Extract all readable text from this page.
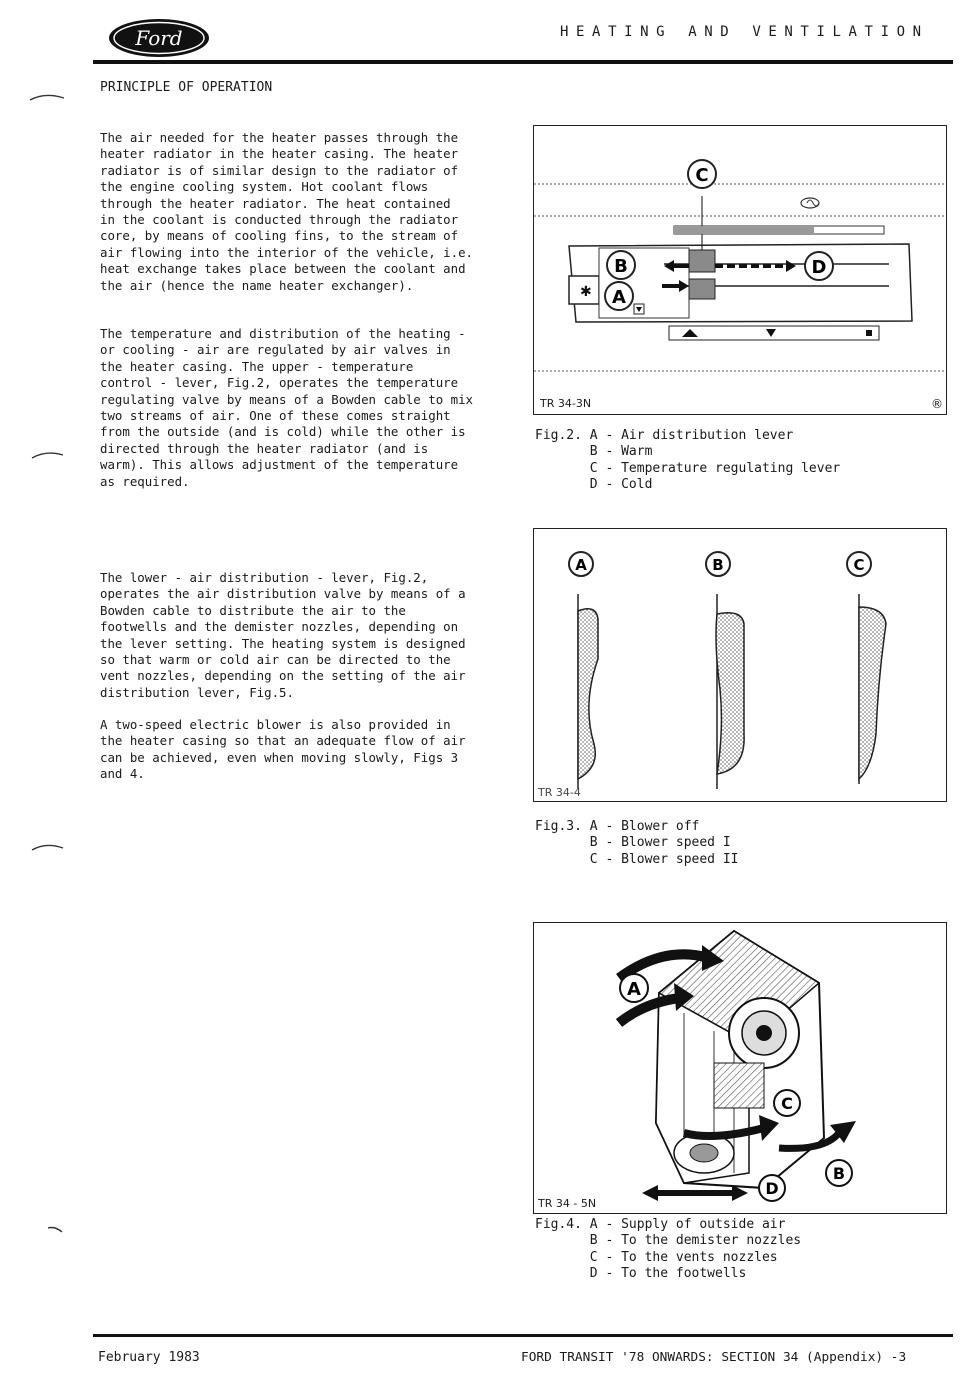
Ford	HEATING AND VENTILATION
PRINCIPLE OF OPERATION
The air needed for the heater passes through the
heater radiator in the heater casing. The heater
radiator is of similar design to the radiator of
the engine cooling system. Hot coolant flows
through the heater radiator. The heat contained
in the coolant is conducted through the radiator
core, by means of cooling fins, to the stream of
air flowing into the interior of the vehicle, i.e.
heat exchange takes place between the coolant and
the air (hence the name heater exchanger).
The temperature and distribution of the heating -
or cooling - air are regulated by air valves in
the heater casing. The upper - temperature
control - lever, Fig.2, operates the temperature
regulating valve by means of a Bowden cable to mix
two streams of air. One of these comes straight
from the outside (and is cold) while the other is
directed through the heater radiator (and is
warm). This allows adjustment of the temperature
as required.
The lower - air distribution - lever, Fig.2,
operates the air distribution valve by means of a
Bowden cable to distribute the air to the
footwells and the demister nozzles, depending on
the lever setting. The heating system is designed
so that warm or cold air can be directed to the
vent nozzles, depending on the setting of the air
distribution lever, Fig.5.
A two-speed electric blower is also provided in
the heater casing so that an adequate flow of air
can be achieved, even when moving slowly, Figs 3
and 4.
C
✱
B	D
A
®
TR 34-3N
Fig.2. A - Air distribution lever
B - Warm
C - Temperature regulating lever
D - Cold
A	B	C
TR 34-4
Fig.3. A - Blower off
B - Blower speed I
C - Blower speed II
A
C
B
D
TR 34 - 5N
Fig.4. A - Supply of outside air
B - To the demister nozzles
C - To the vents nozzles
D - To the footwells
February 1983	FORD TRANSIT '78 ONWARDS: SECTION 34 (Appendix) -3
